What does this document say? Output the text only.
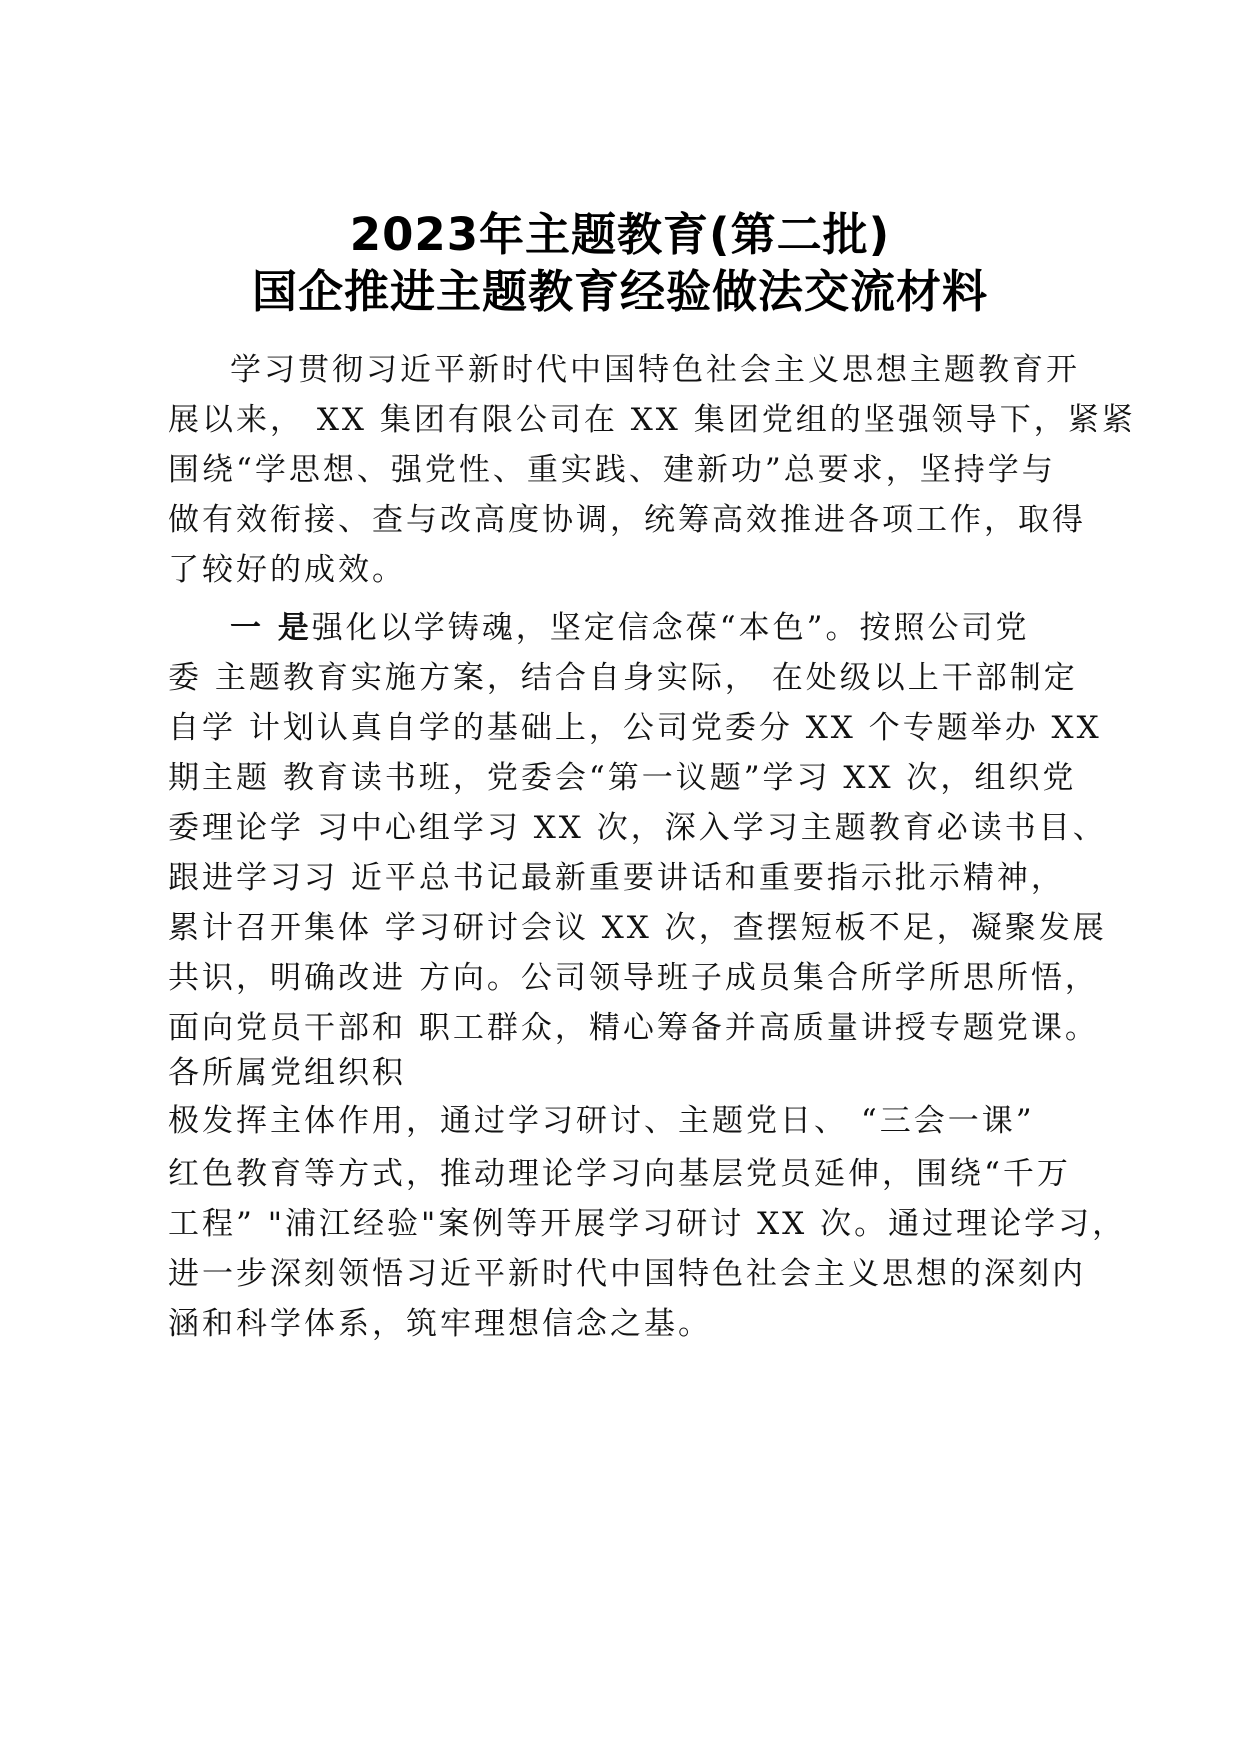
2023年主题教育(第二批)
国企推进主题教育经验做法交流材料
学习贯彻习近平新时代中国特色社会主义思想主题教育开
展以来， XX 集团有限公司在 XX 集团党组的坚强领导下，紧紧
围绕“学思想、强党性、重实践、建新功”总要求，坚持学与
做有效衔接、查与改高度协调，统筹高效推进各项工作，取得
了较好的成效。
一 是强化以学铸魂，坚定信念葆“本色”。按照公司党
委 主题教育实施方案，结合自身实际， 在处级以上干部制定
自学 计划认真自学的基础上，公司党委分 XX 个专题举办 XX
期主题 教育读书班，党委会“第一议题”学习 XX 次，组织党
委理论学 习中心组学习 XX 次，深入学习主题教育必读书目、
跟进学习习 近平总书记最新重要讲话和重要指示批示精神，
累计召开集体 学习研讨会议 XX 次，查摆短板不足，凝聚发展
共识，明确改进 方向。公司领导班子成员集合所学所思所悟，
面向党员干部和 职工群众，精心筹备并高质量讲授专题党课。
各所属党组织积
极发挥主体作用，通过学习研讨、主题党日、 “三会一课”
红色教育等方式，推动理论学习向基层党员延伸，围绕“千万
工程” "浦江经验"案例等开展学习研讨 XX 次。通过理论学习，
进一步深刻领悟习近平新时代中国特色社会主义思想的深刻内
涵和科学体系，筑牢理想信念之基。
